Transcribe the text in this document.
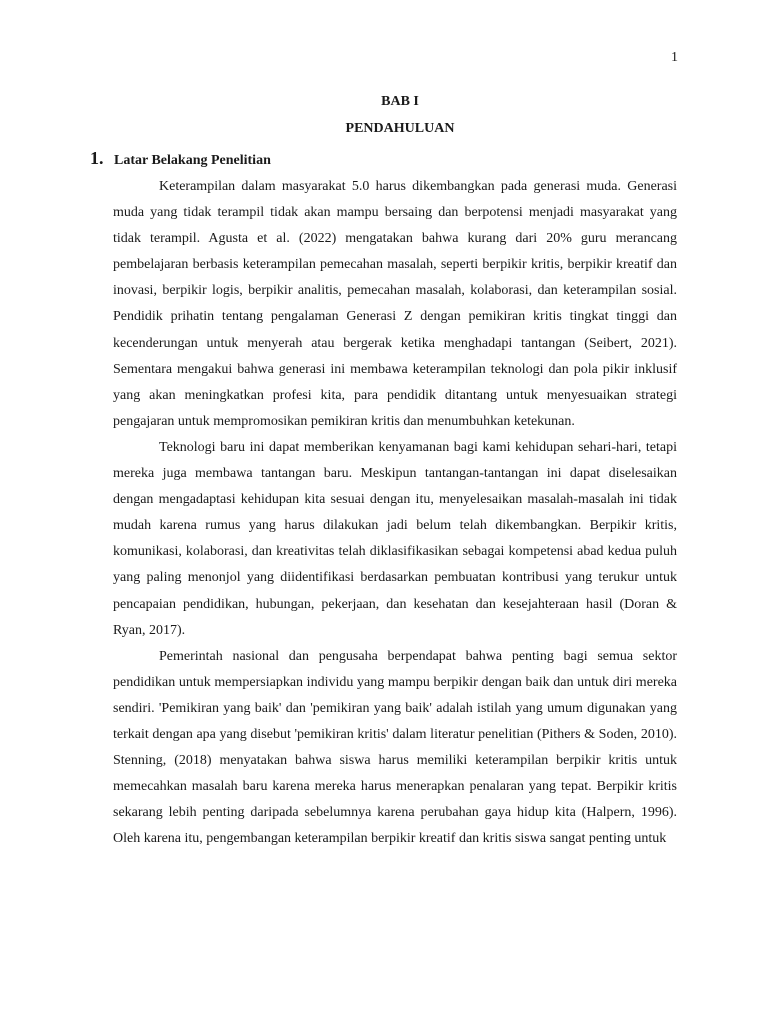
1
BAB I
PENDAHULUAN
1. Latar Belakang Penelitian

Keterampilan dalam masyarakat 5.0 harus dikembangkan pada generasi muda. Generasi muda yang tidak terampil tidak akan mampu bersaing dan berpotensi menjadi masyarakat yang tidak terampil. Agusta et al. (2022) mengatakan bahwa kurang dari 20% guru merancang pembelajaran berbasis keterampilan pemecahan masalah, seperti berpikir kritis, berpikir kreatif dan inovasi, berpikir logis, berpikir analitis, pemecahan masalah, kolaborasi, dan keterampilan sosial. Pendidik prihatin tentang pengalaman Generasi Z dengan pemikiran kritis tingkat tinggi dan kecenderungan untuk menyerah atau bergerak ketika menghadapi tantangan (Seibert, 2021). Sementara mengakui bahwa generasi ini membawa keterampilan teknologi dan pola pikir inklusif yang akan meningkatkan profesi kita, para pendidik ditantang untuk menyesuaikan strategi pengajaran untuk mempromosikan pemikiran kritis dan menumbuhkan ketekunan.

Teknologi baru ini dapat memberikan kenyamanan bagi kami kehidupan sehari-hari, tetapi mereka juga membawa tantangan baru. Meskipun tantangan-tantangan ini dapat diselesaikan dengan mengadaptasi kehidupan kita sesuai dengan itu, menyelesaikan masalah-masalah ini tidak mudah karena rumus yang harus dilakukan jadi belum telah dikembangkan. Berpikir kritis, komunikasi, kolaborasi, dan kreativitas telah diklasifikasikan sebagai kompetensi abad kedua puluh yang paling menonjol yang diidentifikasi berdasarkan pembuatan kontribusi yang terukur untuk pencapaian pendidikan, hubungan, pekerjaan, dan kesehatan dan kesejahteraan hasil (Doran & Ryan, 2017).

Pemerintah nasional dan pengusaha berpendapat bahwa penting bagi semua sektor pendidikan untuk mempersiapkan individu yang mampu berpikir dengan baik dan untuk diri mereka sendiri. 'Pemikiran yang baik' dan 'pemikiran yang baik' adalah istilah yang umum digunakan yang terkait dengan apa yang disebut 'pemikiran kritis' dalam literatur penelitian (Pithers & Soden, 2010). Stenning, (2018) menyatakan bahwa siswa harus memiliki keterampilan berpikir kritis untuk memecahkan masalah baru karena mereka harus menerapkan penalaran yang tepat. Berpikir kritis sekarang lebih penting daripada sebelumnya karena perubahan gaya hidup kita (Halpern, 1996). Oleh karena itu, pengembangan keterampilan berpikir kreatif dan kritis siswa sangat penting untuk
